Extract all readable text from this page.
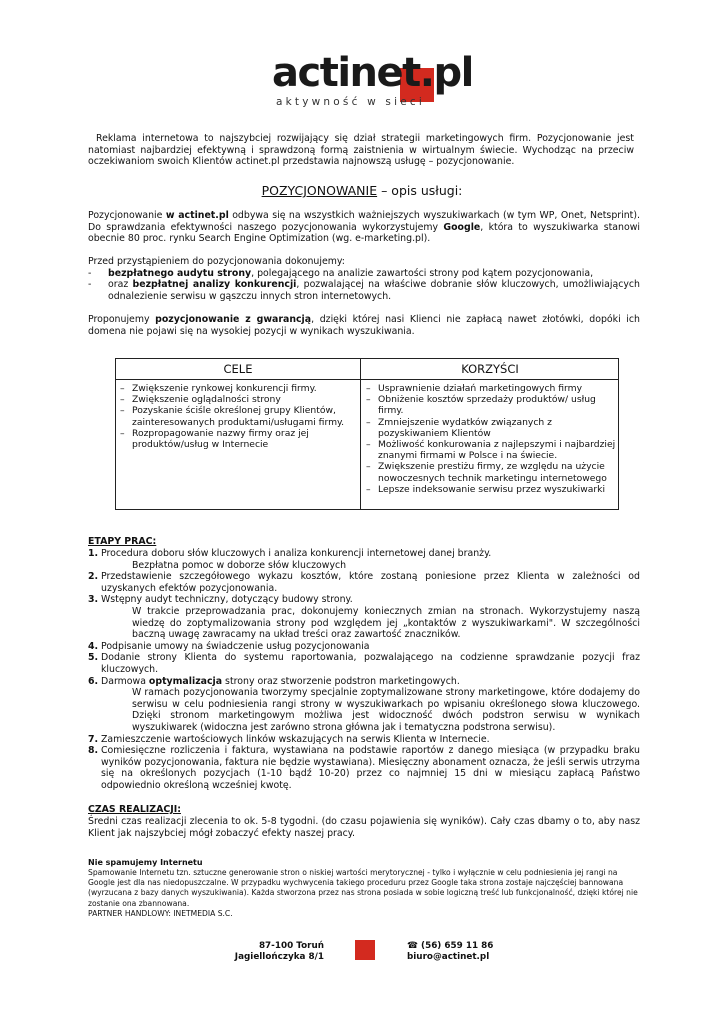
actinet.pl
aktywność w sieci
Reklama internetowa to najszybciej rozwijający się dział strategii marketingowych firm. Pozycjonowanie jest natomiast najbardziej efektywną i sprawdzoną formą zaistnienia w wirtualnym świecie. Wychodząc na przeciw oczekiwaniom swoich Klientów actinet.pl przedstawia najnowszą usługę – pozycjonowanie.
POZYCJONOWANIE – opis usługi:
Pozycjonowanie w actinet.pl odbywa się na wszystkich ważniejszych wyszukiwarkach (w tym WP, Onet, Netsprint). Do sprawdzania efektywności naszego pozycjonowania wykorzystujemy Google, która to wyszukiwarka stanowi obecnie 80 proc. rynku Search Engine Optimization (wg. e-marketing.pl).
Przed przystąpieniem do pozycjonowania dokonujemy:
- bezpłatnego audytu strony, polegającego na analizie zawartości strony pod kątem pozycjonowania,
- oraz bezpłatnej analizy konkurencji, pozwalającej na właściwe dobranie słów kluczowych, umożliwiających odnalezienie serwisu w gąszczu innych stron internetowych.
Proponujemy pozycjonowanie z gwarancją, dzięki której nasi Klienci nie zapłacą nawet złotówki, dopóki ich domena nie pojawi się na wysokiej pozycji w wynikach wyszukiwania.
CELE	KORZYŚCI
– Zwiększenie rynkowej konkurencji firmy.
– Zwiększenie oglądalności strony
– Pozyskanie ściśle określonej grupy Klientów, zainteresowanych produktami/usługami firmy.
– Rozpropagowanie nazwy firmy oraz jej produktów/usług w Internecie
– Usprawnienie działań marketingowych firmy
– Obniżenie kosztów sprzedaży produktów/ usług firmy.
– Zmniejszenie wydatków związanych z pozyskiwaniem Klientów
– Możliwość konkurowania z najlepszymi i najbardziej znanymi firmami w Polsce i na świecie.
– Zwiększenie prestiżu firmy, ze względu na użycie nowoczesnych technik marketingu internetowego
– Lepsze indeksowanie serwisu przez wyszukiwarki
ETAPY PRAC:
1. Procedura doboru słów kluczowych i analiza konkurencji internetowej danej branży.
Bezpłatna pomoc w doborze słów kluczowych
2. Przedstawienie szczegółowego wykazu kosztów, które zostaną poniesione przez Klienta w zależności od uzyskanych efektów pozycjonowania.
3. Wstępny audyt techniczny, dotyczący budowy strony.
W trakcie przeprowadzania prac, dokonujemy koniecznych zmian na stronach. Wykorzystujemy naszą wiedzę do zoptymalizowania strony pod względem jej „kontaktów z wyszukiwarkami". W szczególności baczną uwagę zawracamy na układ treści oraz zawartość znaczników.
4. Podpisanie umowy na świadczenie usług pozycjonowania
5. Dodanie strony Klienta do systemu raportowania, pozwalającego na codzienne sprawdzanie pozycji fraz kluczowych.
6. Darmowa optymalizacja strony oraz stworzenie podstron marketingowych.
W ramach pozycjonowania tworzymy specjalnie zoptymalizowane strony marketingowe, które dodajemy do serwisu w celu podniesienia rangi strony w wyszukiwarkach po wpisaniu określonego słowa kluczowego. Dzięki stronom marketingowym możliwa jest widoczność dwóch podstron serwisu w wynikach wyszukiwarek (widoczna jest zarówno strona główna jak i tematyczna podstrona serwisu).
7. Zamieszczenie wartościowych linków wskazujących na serwis Klienta w Internecie.
8. Comiesięczne rozliczenia i faktura, wystawiana na podstawie raportów z danego miesiąca (w przypadku braku wyników pozycjonowania, faktura nie będzie wystawiana). Miesięczny abonament oznacza, że jeśli serwis utrzyma się na określonych pozycjach (1-10 bądź 10-20) przez co najmniej 15 dni w miesiącu zapłacą Państwo odpowiednio określoną wcześniej kwotę.
CZAS REALIZACJI:
Średni czas realizacji zlecenia to ok. 5-8 tygodni. (do czasu pojawienia się wyników). Cały czas dbamy o to, aby nasz Klient jak najszybciej mógł zobaczyć efekty naszej pracy.
Nie spamujemy Internetu
Spamowanie Internetu tzn. sztuczne generowanie stron o niskiej wartości merytorycznej - tylko i wyłącznie w celu podniesienia jej rangi na Google jest dla nas niedopuszczalne. W przypadku wychwycenia takiego proceduru przez Google taka strona zostaje najczęściej bannowana (wyrzucana z bazy danych wyszukiwania). Każda stworzona przez nas strona posiada w sobie logiczną treść lub funkcjonalność, dzięki której nie zostanie ona zbannowana.
PARTNER HANDLOWY: INETMEDIA S.C.
87-100 Toruń
Jagiellończyka 8/1
☎ (56) 659 11 86
biuro@actinet.pl
